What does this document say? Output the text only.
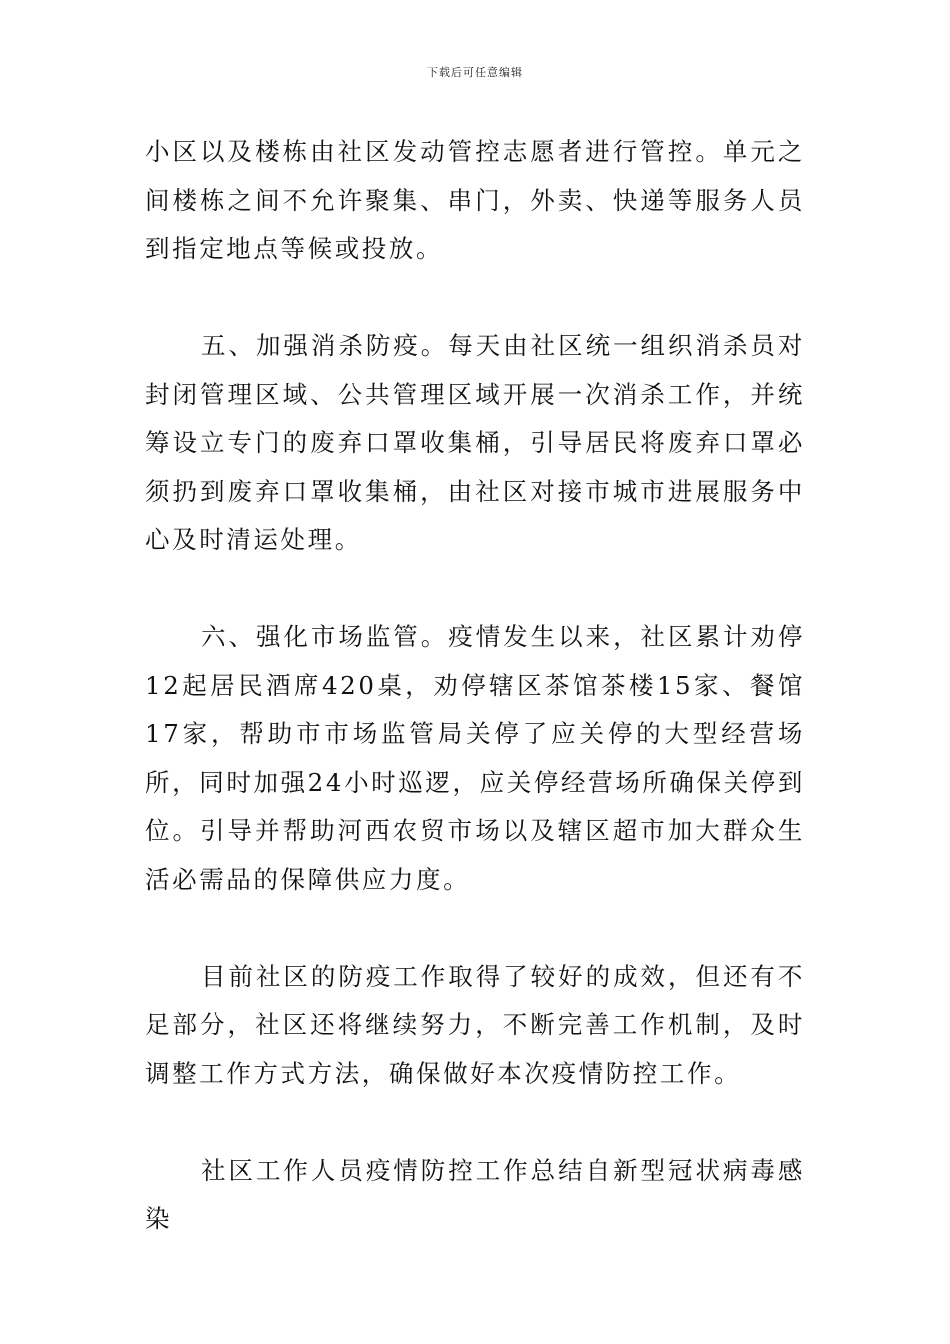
下载后可任意编辑

小区以及楼栋由社区发动管控志愿者进行管控。单元之间楼栋之间不允许聚集、串门，外卖、快递等服务人员到指定地点等候或投放。

五、加强消杀防疫。每天由社区统一组织消杀员对封闭管理区域、公共管理区域开展一次消杀工作，并统筹设立专门的废弃口罩收集桶，引导居民将废弃口罩必须扔到废弃口罩收集桶，由社区对接市城市进展服务中心及时清运处理。

六、强化市场监管。疫情发生以来，社区累计劝停12起居民酒席420桌，劝停辖区茶馆茶楼15家、餐馆17家，帮助市市场监管局关停了应关停的大型经营场所，同时加强24小时巡逻，应关停经营场所确保关停到位。引导并帮助河西农贸市场以及辖区超市加大群众生活必需品的保障供应力度。

目前社区的防疫工作取得了较好的成效，但还有不足部分，社区还将继续努力，不断完善工作机制，及时调整工作方式方法，确保做好本次疫情防控工作。

社区工作人员疫情防控工作总结自新型冠状病毒感染
